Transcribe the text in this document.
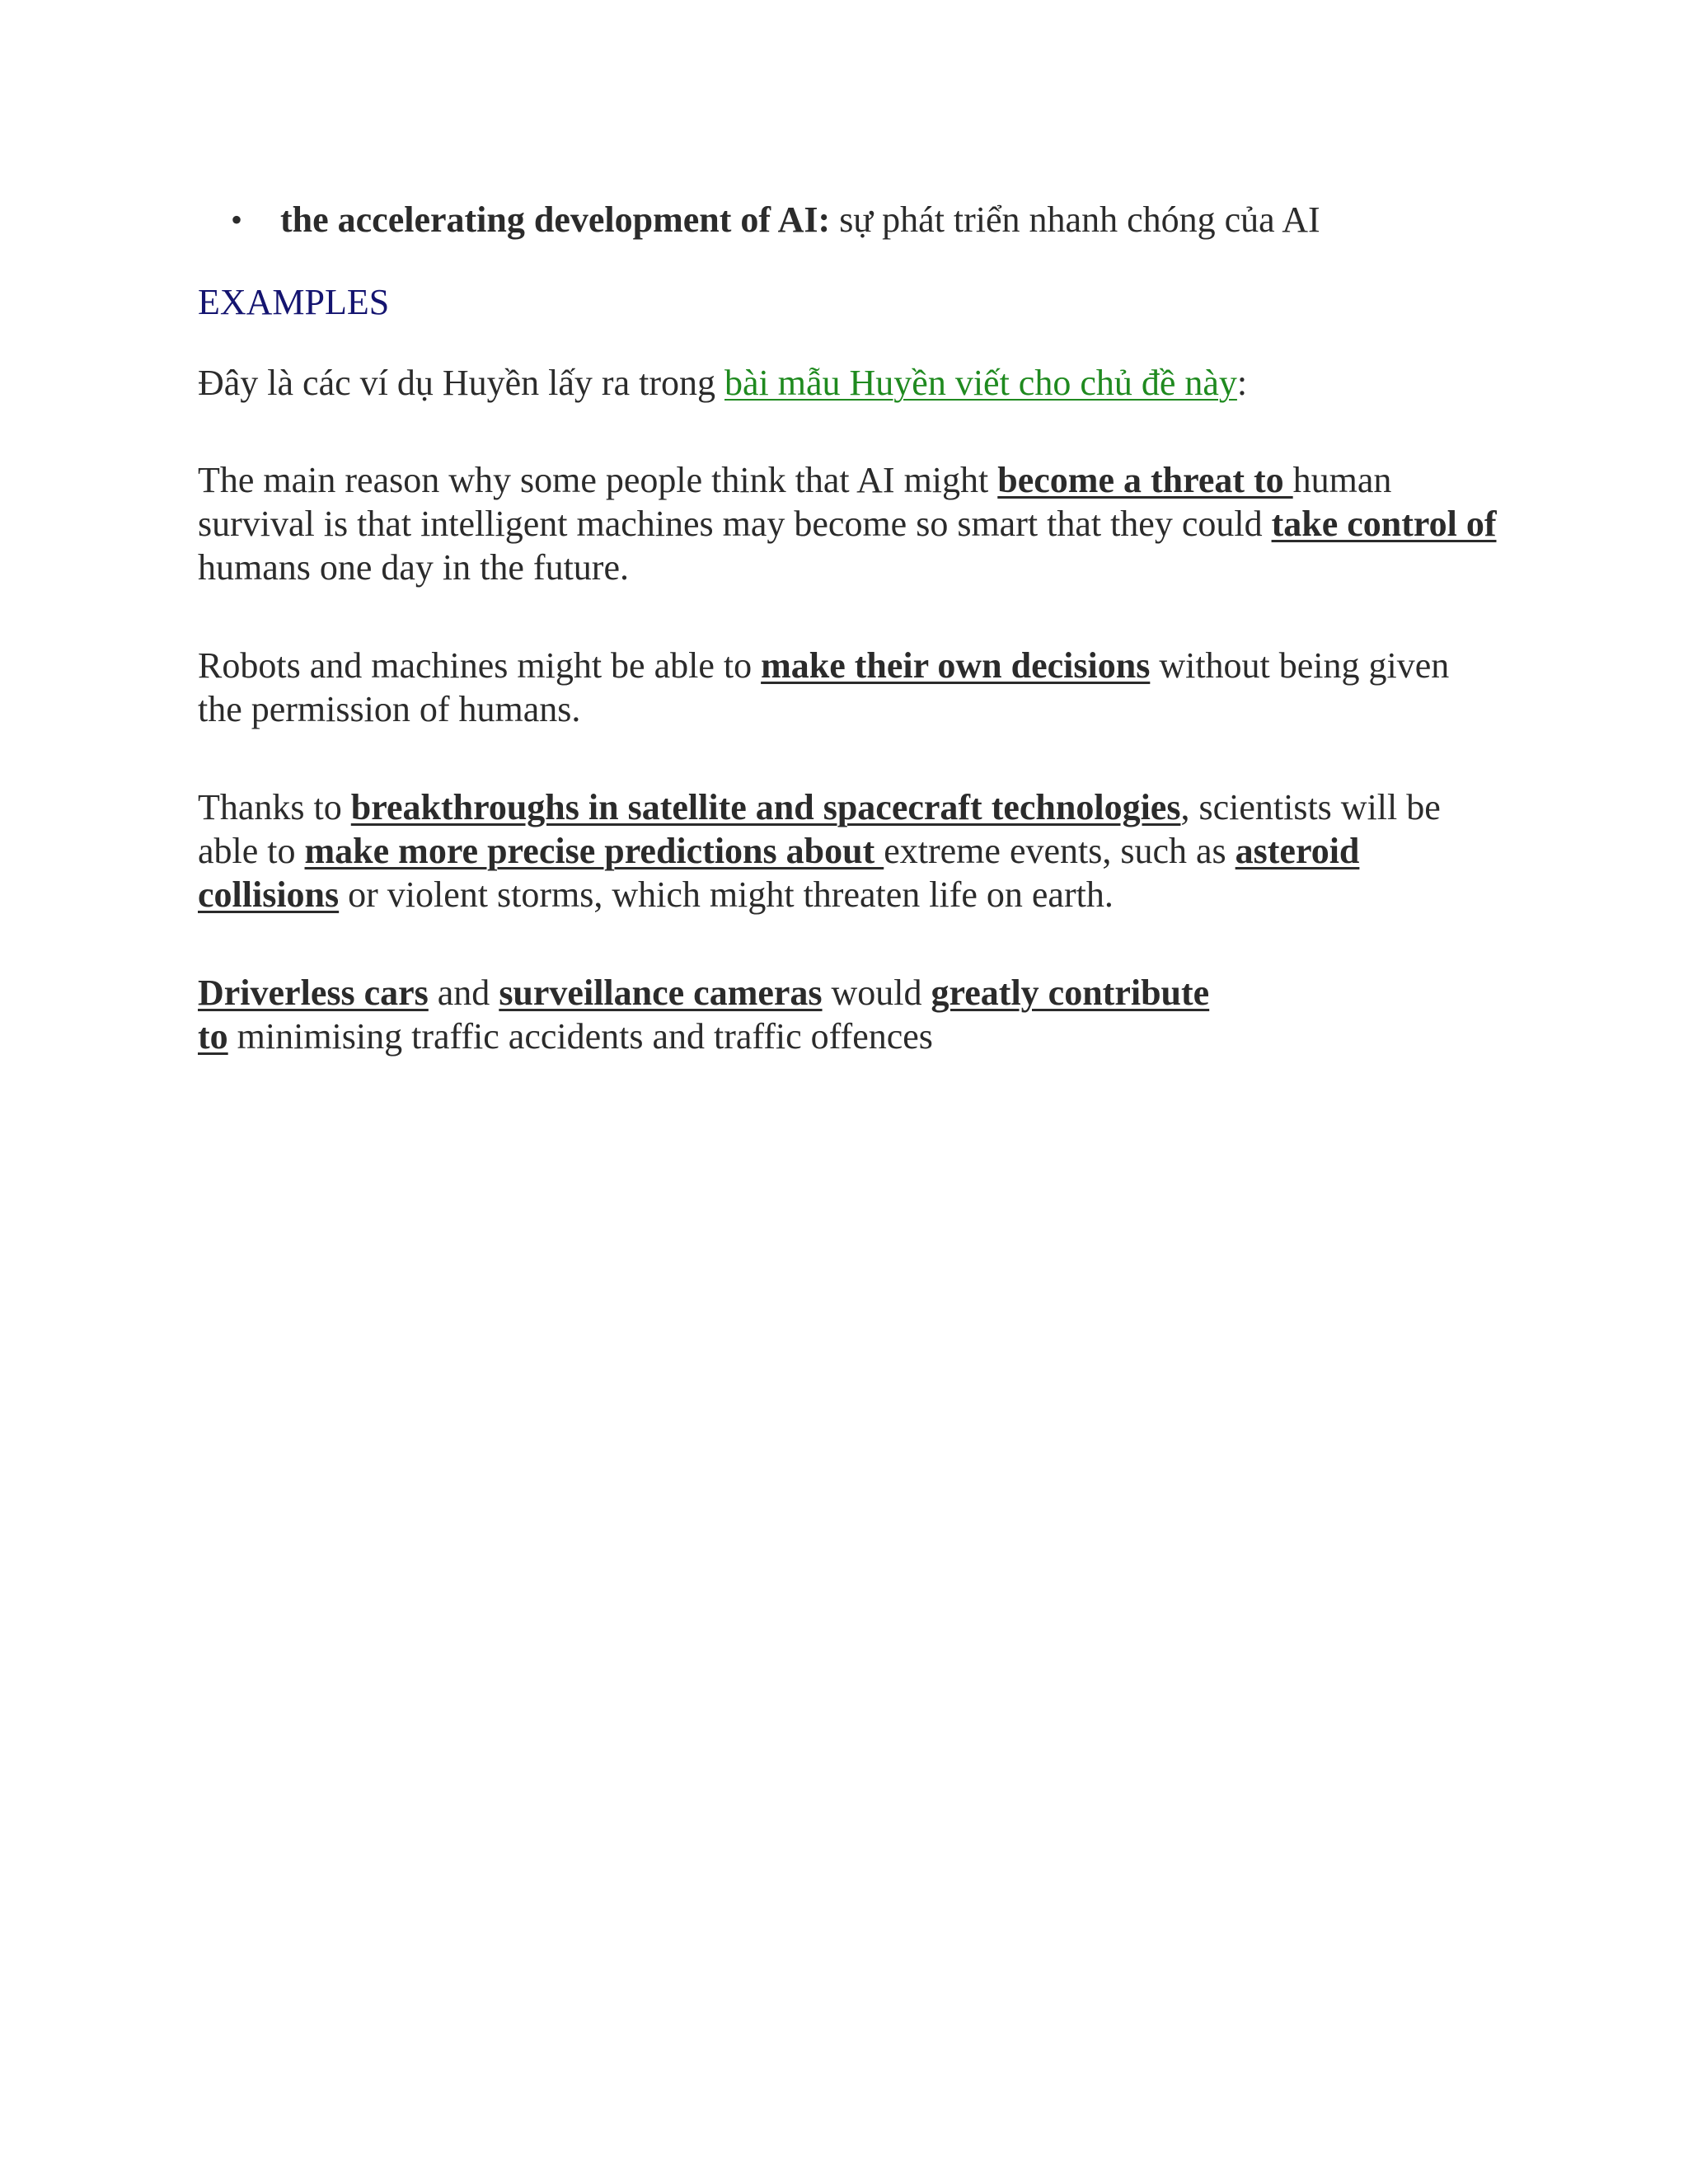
• the accelerating development of AI: sự phát triển nhanh chóng của AI

EXAMPLES

Đây là các ví dụ Huyền lấy ra trong bài mẫu Huyền viết cho chủ đề này:

The main reason why some people think that AI might become a threat to human survival is that intelligent machines may become so smart that they could take control of humans one day in the future.

Robots and machines might be able to make their own decisions without being given the permission of humans.

Thanks to breakthroughs in satellite and spacecraft technologies, scientists will be able to make more precise predictions about extreme events, such as asteroid collisions or violent storms, which might threaten life on earth.

Driverless cars and surveillance cameras would greatly contribute
to minimising traffic accidents and traffic offences
